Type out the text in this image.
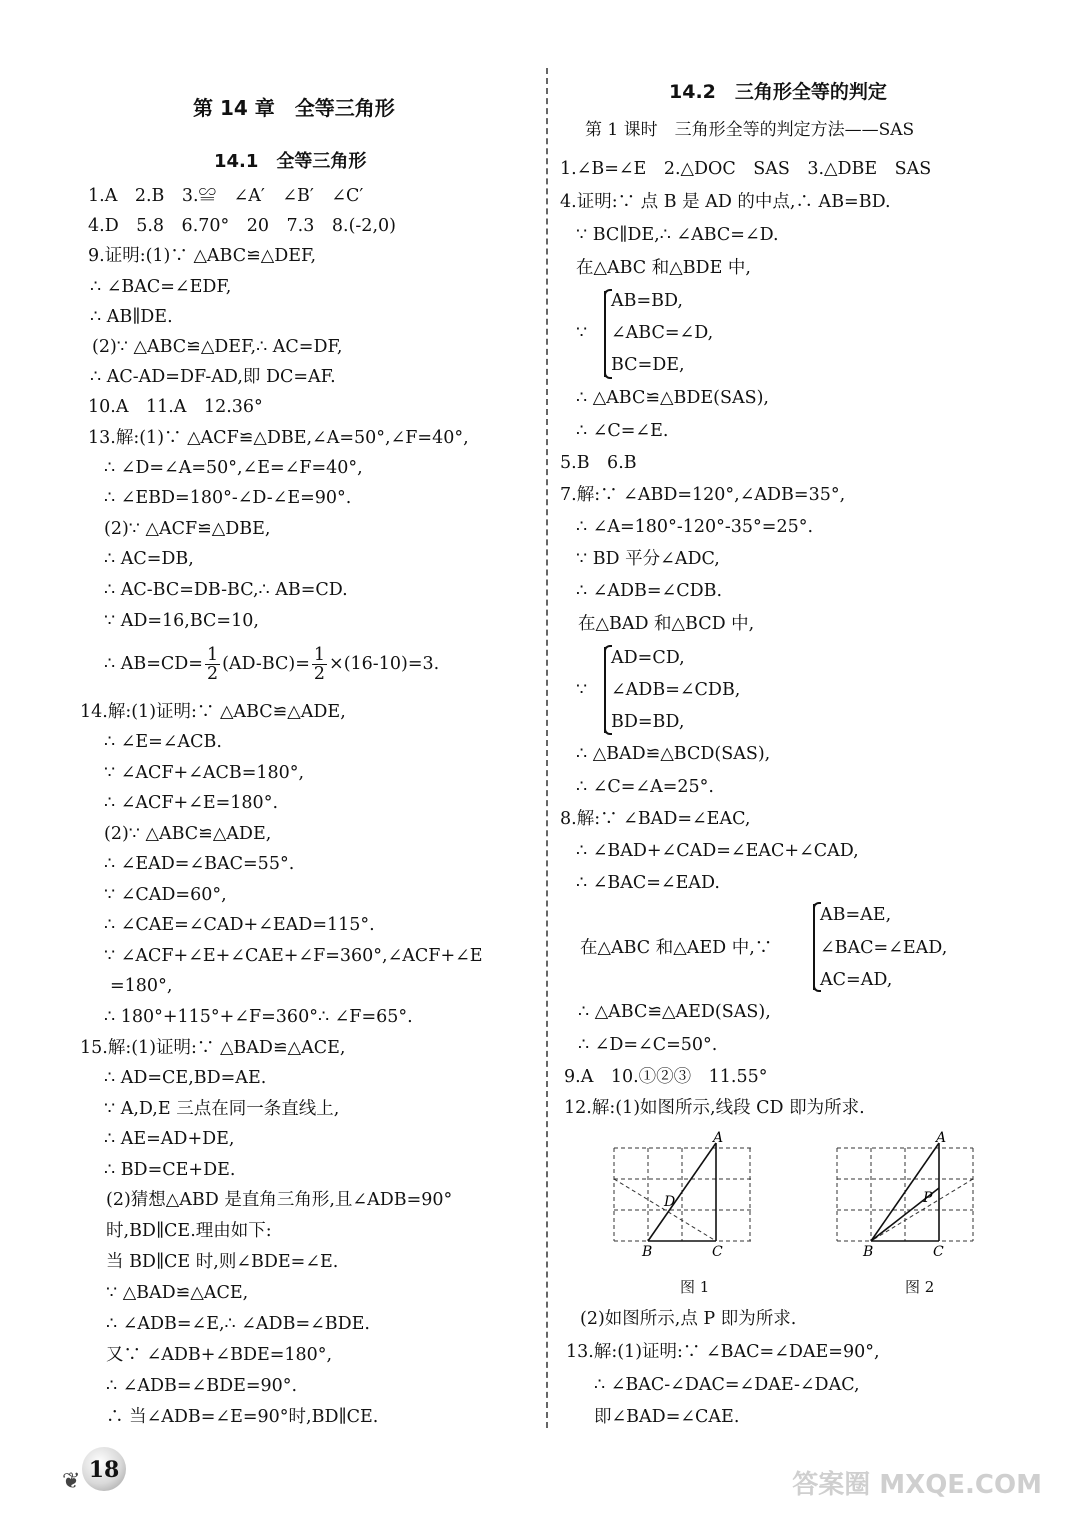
第 14 章　全等三角形
14.1　全等三角形
1.A　2.B　3.≌　∠A′　∠B′　∠C′
4.D　5.8　6.70°　20　7.3　8.(-2,0)
9.证明:(1)∵ △ABC≌△DEF,
∴ ∠BAC=∠EDF,
∴ AB∥DE.
(2)∵ △ABC≌△DEF,∴ AC=DF,
∴ AC-AD=DF-AD,即 DC=AF.
10.A　11.A　12.36°
13.解:(1)∵ △ACF≌△DBE,∠A=50°,∠F=40°,
∴ ∠D=∠A=50°,∠E=∠F=40°,
∴ ∠EBD=180°-∠D-∠E=90°.
(2)∵ △ACF≌△DBE,
∴ AC=DB,
∴ AC-BC=DB-BC,∴ AB=CD.
∵ AD=16,BC=10,
∴ $AB=CD= \frac{1}{2} (AD-BC)= \frac{1}{2} \times(16-10)=3$.
14.解:(1)证明:∵ △ABC≌△ADE,
∴ ∠E=∠ACB.
∵ ∠ACF+∠ACB=180°,
∴ ∠ACF+∠E=180°.
(2)∵ △ABC≌△ADE,
∴ ∠EAD=∠BAC=55°.
∵ ∠CAD=60°,
∴ ∠CAE=∠CAD+∠EAD=115°.
∵ ∠ACF+∠E+∠CAE+∠F=360°,∠ACF+∠E
=180°,
∴ 180°+115°+∠F=360°∴ ∠F=65°.
15.解:(1)证明:∵ △BAD≌△ACE,
∴ AD=CE,BD=AE.
∵ A,D,E 三点在同一条直线上,
∴ AE=AD+DE,
∴ BD=CE+DE.
(2)猜想△ABD 是直角三角形,且∠ADB=90°
时,BD∥CE.理由如下:
当 BD∥CE 时,则∠BDE=∠E.
∵ △BAD≌△ACE,
∴ ∠ADB=∠E,∴ ∠ADB=∠BDE.
又∵ ∠ADB+∠BDE=180°,
∴ ∠ADB=∠BDE=90°.
∴ 当∠ADB=∠E=90°时,BD∥CE.
14.2　三角形全等的判定
第 1 课时　三角形全等的判定方法——SAS
1.∠B=∠E　2.△DOC　SAS　3.△DBE　SAS
4.证明:∵ 点 B 是 AD 的中点,∴ AB=BD.
∵ BC∥DE,∴ ∠ABC=∠D.
在△ABC 和△BDE 中,
∵
AB=BD,
∠ABC=∠D,
BC=DE,
∴ △ABC≌△BDE(SAS),
∴ ∠C=∠E.
5.B　6.B
7.解:∵ ∠ABD=120°,∠ADB=35°,
∴ ∠A=180°-120°-35°=25°.
∵ BD 平分∠ADC,
∴ ∠ADB=∠CDB.
在△BAD 和△BCD 中,
∵
AD=CD,
∠ADB=∠CDB,
BD=BD,
∴ △BAD≌△BCD(SAS),
∴ ∠C=∠A=25°.
8.解:∵ ∠BAD=∠EAC,
∴ ∠BAD+∠CAD=∠EAC+∠CAD,
∴ ∠BAC=∠EAD.
在△ABC 和△AED 中,∵
AB=AE,
∠BAC=∠EAD,
AC=AD,
∴ △ABC≌△AED(SAS),
∴ ∠D=∠C=50°.
9.A　10.①②③　11.55°
12.解:(1)如图所示,线段 CD 即为所求.
A
B	C
D
图 1
A
B	C
P
图 2
(2)如图所示,点 P 即为所求.
13.解:(1)证明:∵ ∠BAC=∠DAE=90°,
∴ ∠BAC-∠DAC=∠DAE-∠DAC,
即∠BAD=∠CAE.
❦ 18	答案圈 MXQE.COM
